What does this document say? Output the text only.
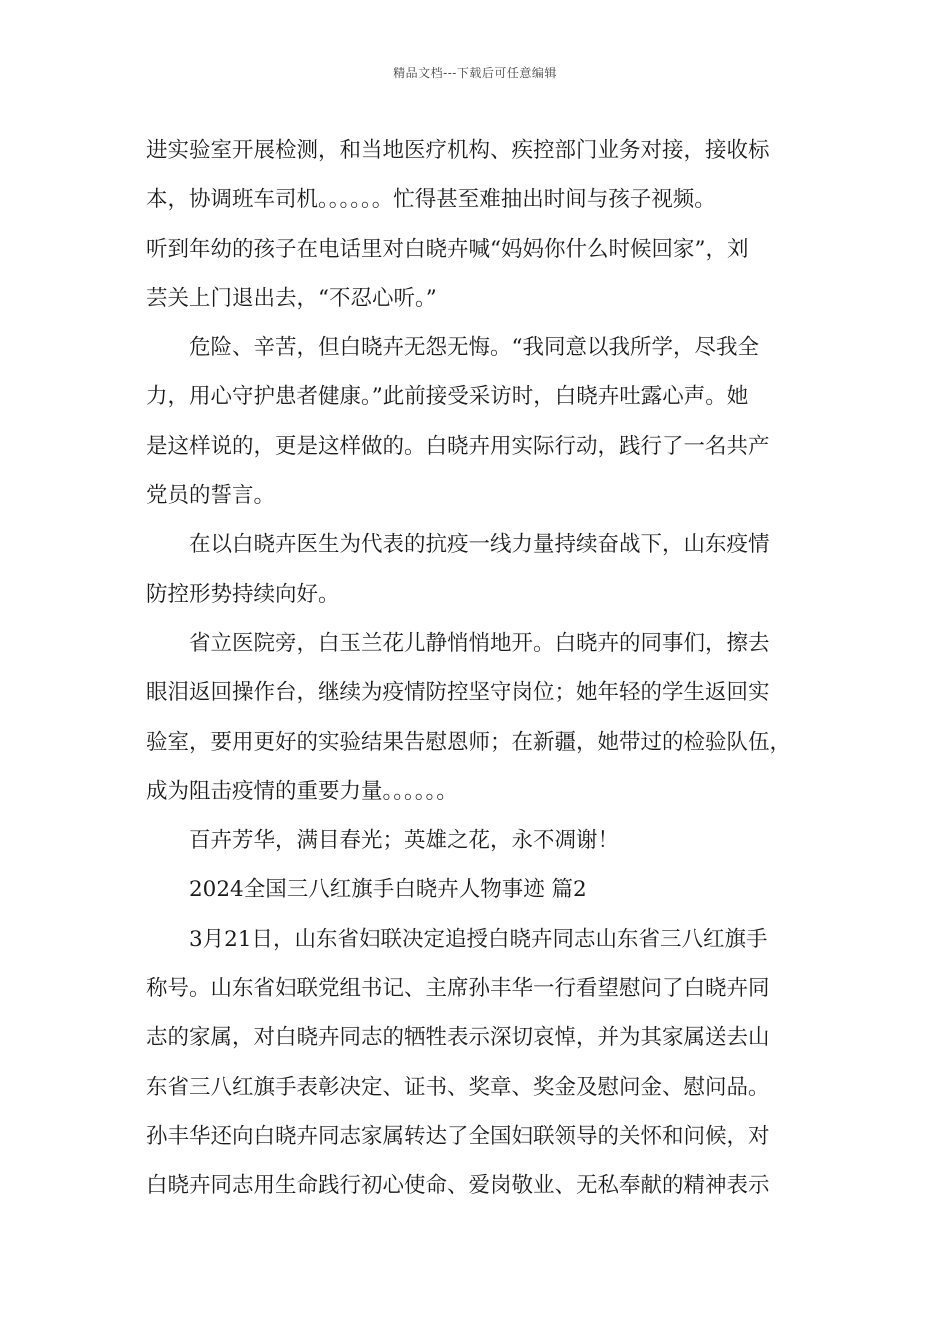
精品文档---下载后可任意编辑
进实验室开展检测，和当地医疗机构、疾控部门业务对接，接收标
本，协调班车司机。。。。。。忙得甚至难抽出时间与孩子视频。
听到年幼的孩子在电话里对白晓卉喊“妈妈你什么时候回家”，刘
芸关上门退出去，“不忍心听。”
危险、辛苦，但白晓卉无怨无悔。“我同意以我所学，尽我全
力，用心守护患者健康。”此前接受采访时，白晓卉吐露心声。她
是这样说的，更是这样做的。白晓卉用实际行动，践行了一名共产
党员的誓言。
在以白晓卉医生为代表的抗疫一线力量持续奋战下，山东疫情
防控形势持续向好。
省立医院旁，白玉兰花儿静悄悄地开。白晓卉的同事们，擦去
眼泪返回操作台，继续为疫情防控坚守岗位；她年轻的学生返回实
验室，要用更好的实验结果告慰恩师；在新疆，她带过的检验队伍，
成为阻击疫情的重要力量。。。。。。
百卉芳华，满目春光；英雄之花，永不凋谢！
2024全国三八红旗手白晓卉人物事迹 篇2
3月21日，山东省妇联决定追授白晓卉同志山东省三八红旗手
称号。山东省妇联党组书记、主席孙丰华一行看望慰问了白晓卉同
志的家属，对白晓卉同志的牺牲表示深切哀悼，并为其家属送去山
东省三八红旗手表彰决定、证书、奖章、奖金及慰问金、慰问品。
孙丰华还向白晓卉同志家属转达了全国妇联领导的关怀和问候，对
白晓卉同志用生命践行初心使命、爱岗敬业、无私奉献的精神表示
